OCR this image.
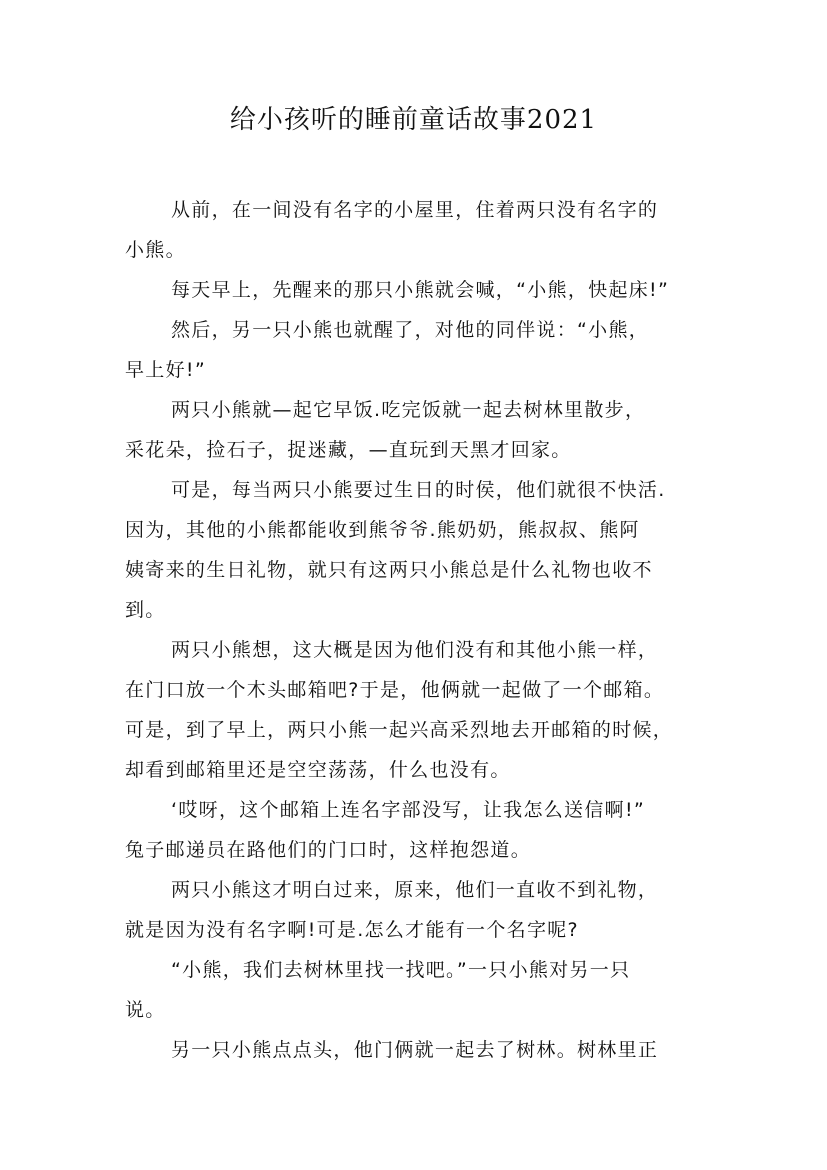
给小孩听的睡前童话故事2021
从前，在一间没有名字的小屋里，住着两只没有名字的
小熊。
每天早上，先醒来的那只小熊就会喊，“小熊，快起床!”
然后，另一只小熊也就醒了，对他的同伴说：“小熊，
早上好!”
两只小熊就—起它早饭.吃完饭就一起去树林里散步，
采花朵，捡石子，捉迷藏，—直玩到天黑才回家。
可是，每当两只小熊要过生日的时侯，他们就很不快活.
因为，其他的小熊都能收到熊爷爷.熊奶奶，熊叔叔、熊阿
姨寄来的生日礼物，就只有这两只小熊总是什么礼物也收不
到。
两只小熊想，这大概是因为他们没有和其他小熊一样，
在门口放一个木头邮箱吧?于是，他俩就一起做了一个邮箱。
可是，到了早上，两只小熊一起兴高采烈地去开邮箱的时候，
却看到邮箱里还是空空荡荡，什么也没有。
‘哎呀，这个邮箱上连名字部没写，让我怎么送信啊!”
兔子邮递员在路他们的门口时，这样抱怨道。
两只小熊这才明白过来，原来，他们一直收不到礼物，
就是因为没有名字啊!可是.怎么才能有一个名字呢?
“小熊，我们去树林里找一找吧。”一只小熊对另一只
说。
另一只小熊点点头，他门俩就一起去了树林。树林里正
